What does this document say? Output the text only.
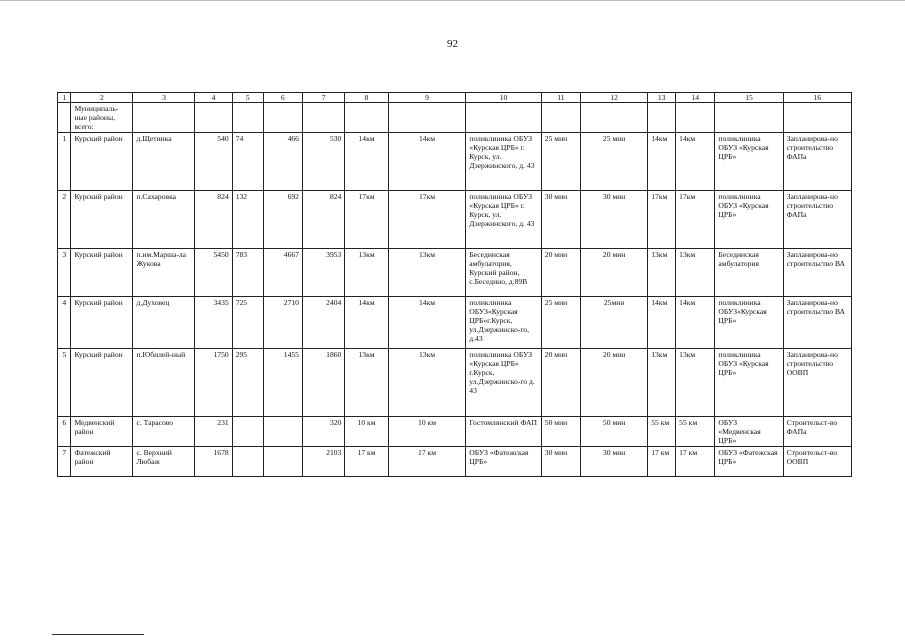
92
1	2	3	4	5	6	7	8	9	10	11	12	13	14	15	16
	Муниципаль-ные районы, всего:														
1	Курский район	д.Щетинка	540	74	466	530	14км	14км	поликлиника ОБУЗ «Курская ЦРБ» г. Курск, ул. Дзержинского, д. 43	25 мин	25 мин	14км	14км	поликлиника ОБУЗ «Курская ЦРБ»	Запланирова-но строительство ФАПа
2	Курский район	п.Сахаровка	824	132	692	824	17км	17км	поликлиника ОБУЗ «Курская ЦРБ» г. Курск, ул. Дзержинского, д. 43	30 мин	30 мин	17км	17км	поликлиника ОБУЗ «Курская ЦРБ»	Запланирова-но строительство ФАПа
3	Курский район	п.им.Марша-ла Жукова	5450	783	4667	3953	13км	13км	Бесединская амбулатория, Курский район, с.Беседино, д.89В	20 мин	20 мин	13км	13км	Бесединская амбулатория	Запланирова-но строительство ВА
4	Курский район	д.Духовец	3435	725	2710	2404	14км	14км	поликлиника ОБУЗ«Курская ЦРБ»г.Курск, ул.Дзержинско-го, д.43	25 мин	25мин	14км	14км	поликлиника ОБУЗ«Курская ЦРБ»	Запланирова-но строительство ВА
5	Курский район	п.Юбилей-ный	1750	295	1455	1860	13км	13км	поликлиника ОБУЗ «Курская ЦРБ» г.Курск, ул.Дзержинско-го д. 43	20 мин	20 мин	13км	13км	поликлиника ОБУЗ «Курская ЦРБ»	Запланирова-но строительство ООВП
6	Медвенский район	с. Тарасово	231			320	10 км	10 км	Гостомлянский ФАП	50 мин	50 мин	55 км	55 км	ОБУЗ «Медвенская ЦРБ»	Строительст-во ФАПа
7	Фатежский район	с. Верхний Любаж	1678			2103	17 км	17 км	ОБУЗ «Фатежская ЦРБ»	30 мин	30 мин	17 км	17 км	ОБУЗ «Фатежская ЦРБ»	Строительст-во ООВП
